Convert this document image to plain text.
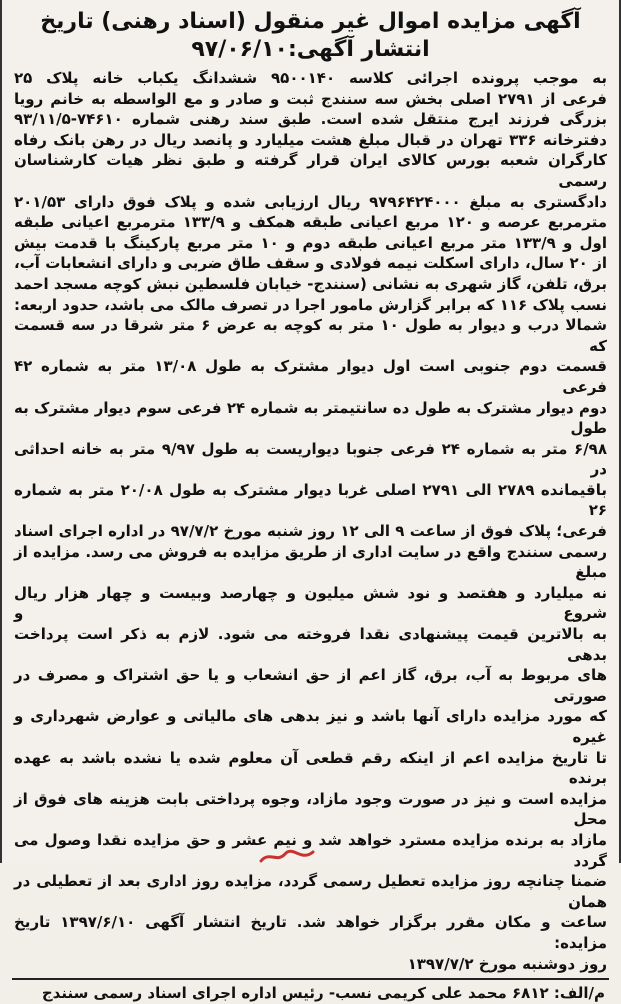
آگهی مزایده اموال غیر منقول (اسناد رهنی) تاریخ
انتشار آگهی:۹۷/۰۶/۱۰
به موجب پرونده اجرائی کلاسه ۹۵۰۰۱۴۰ ششدانگ یکباب خانه پلاک ۲۵
فرعی از ۲۷۹۱ اصلی بخش سه سنندج ثبت و صادر و مع الواسطه به خانم رویا
بزرگی فرزند ایرج منتقل شده است. طبق سند رهنی شماره ۷۴۶۱۰-۹۳/۱۱/۵
دفترخانه ۳۳۶ تهران در قبال مبلغ هشت میلیارد و پانصد ریال در رهن بانک رفاه
کارگران شعبه بورس کالای ایران قرار گرفته و طبق نظر هیات کارشناسان رسمی
دادگستری به مبلغ ۹۷۹۶۴۲۴۰۰۰ ریال ارزیابی شده و پلاک فوق دارای ۲۰۱/۵۳
مترمربع عرصه و ۱۲۰ مربع اعیانی طبقه همکف و ۱۳۳/۹ مترمربع اعیانی طبقه
اول و ۱۳۳/۹ متر مربع اعیانی طبقه دوم و ۱۰ متر مربع پارکینگ با قدمت بیش
از ۲۰ سال، دارای اسکلت نیمه فولادی و سقف طاق ضربی و دارای انشعابات آب،
برق، تلفن، گاز شهری به نشانی (سنندج- خیابان فلسطین نبش کوچه مسجد احمد
نسب پلاک ۱۱۶ که برابر گزارش مامور اجرا در تصرف مالک می باشد، حدود اربعه:
شمالا درب و دیوار به طول ۱۰ متر به کوچه به عرض ۶ متر شرقا در سه قسمت که
قسمت دوم جنوبی است اول دیوار مشترک به طول ۱۳/۰۸ متر به شماره ۴۲ فرعی
دوم دیوار مشترک به طول ده سانتیمتر به شماره ۲۴ فرعی سوم دیوار مشترک به طول
۶/۹۸ متر به شماره ۲۴ فرعی جنوبا دیواریست به طول ۹/۹۷ متر به خانه احداثی در
باقیمانده ۲۷۸۹ الی ۲۷۹۱ اصلی غربا دیوار مشترک به طول ۲۰/۰۸ متر به شماره ۲۶
فرعی؛ پلاک فوق از ساعت ۹ الی ۱۲ روز شنبه مورخ ۹۷/۷/۲ در اداره اجرای اسناد
رسمی سنندج واقع در سایت اداری از طریق مزایده به فروش می رسد. مزایده از مبلغ
نه میلیارد و هفتصد و نود شش میلیون و چهارصد وبیست و چهار هزار ریال شروع و
به بالاترین قیمت پیشنهادی نقدا فروخته می شود. لازم به ذکر است پرداخت بدهی
های مربوط به آب، برق، گاز اعم از حق انشعاب و یا حق اشتراک و مصرف در صورتی
که مورد مزایده دارای آنها باشد و نیز بدهی های مالیاتی و عوارض شهرداری و غیره
تا تاریخ مزایده اعم از اینکه رقم قطعی آن معلوم شده یا نشده باشد به عهده برنده
مزایده است و نیز در صورت وجود مازاد، وجوه پرداختی بابت هزینه های فوق از محل
مازاد به برنده مزایده مسترد خواهد شد و نیم عشر و حق مزایده نقدا وصول می گردد
ضمنا چنانچه روز مزایده تعطیل رسمی گردد، مزایده روز اداری بعد از تعطیلی در همان
ساعت و مکان مقرر برگزار خواهد شد. تاریخ انتشار آگهی ۱۳۹۷/۶/۱۰ تاریخ مزایده:
روز دوشنبه مورخ ۱۳۹۷/۷/۲
م/الف: ۶۸۱۲ محمد علی کریمی نسب- رئیس اداره اجرای اسناد رسمی سنندج
